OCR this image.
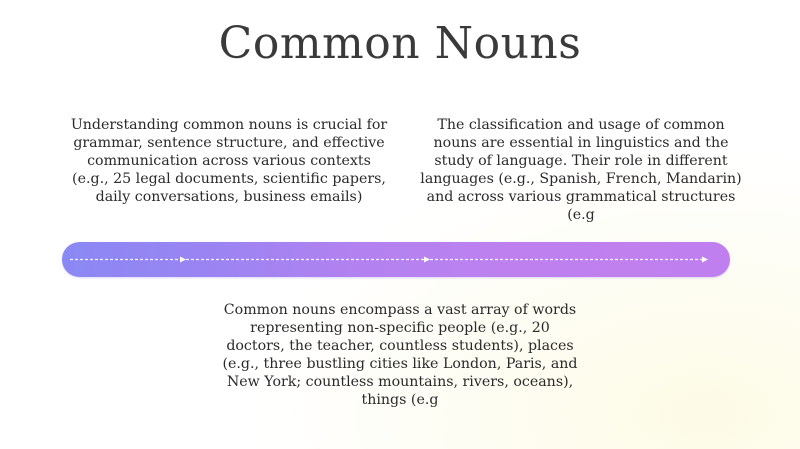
Common Nouns
Understanding common nouns is crucial for grammar, sentence structure, and effective communication across various contexts (e.g., 25 legal documents, scientific papers, daily conversations, business emails)
The classification and usage of common nouns are essential in linguistics and the study of language. Their role in different languages (e.g., Spanish, French, Mandarin) and across various grammatical structures (e.g
Common nouns encompass a vast array of words representing non-specific people (e.g., 20 doctors, the teacher, countless students), places (e.g., three bustling cities like London, Paris, and New York; countless mountains, rivers, oceans), things (e.g
